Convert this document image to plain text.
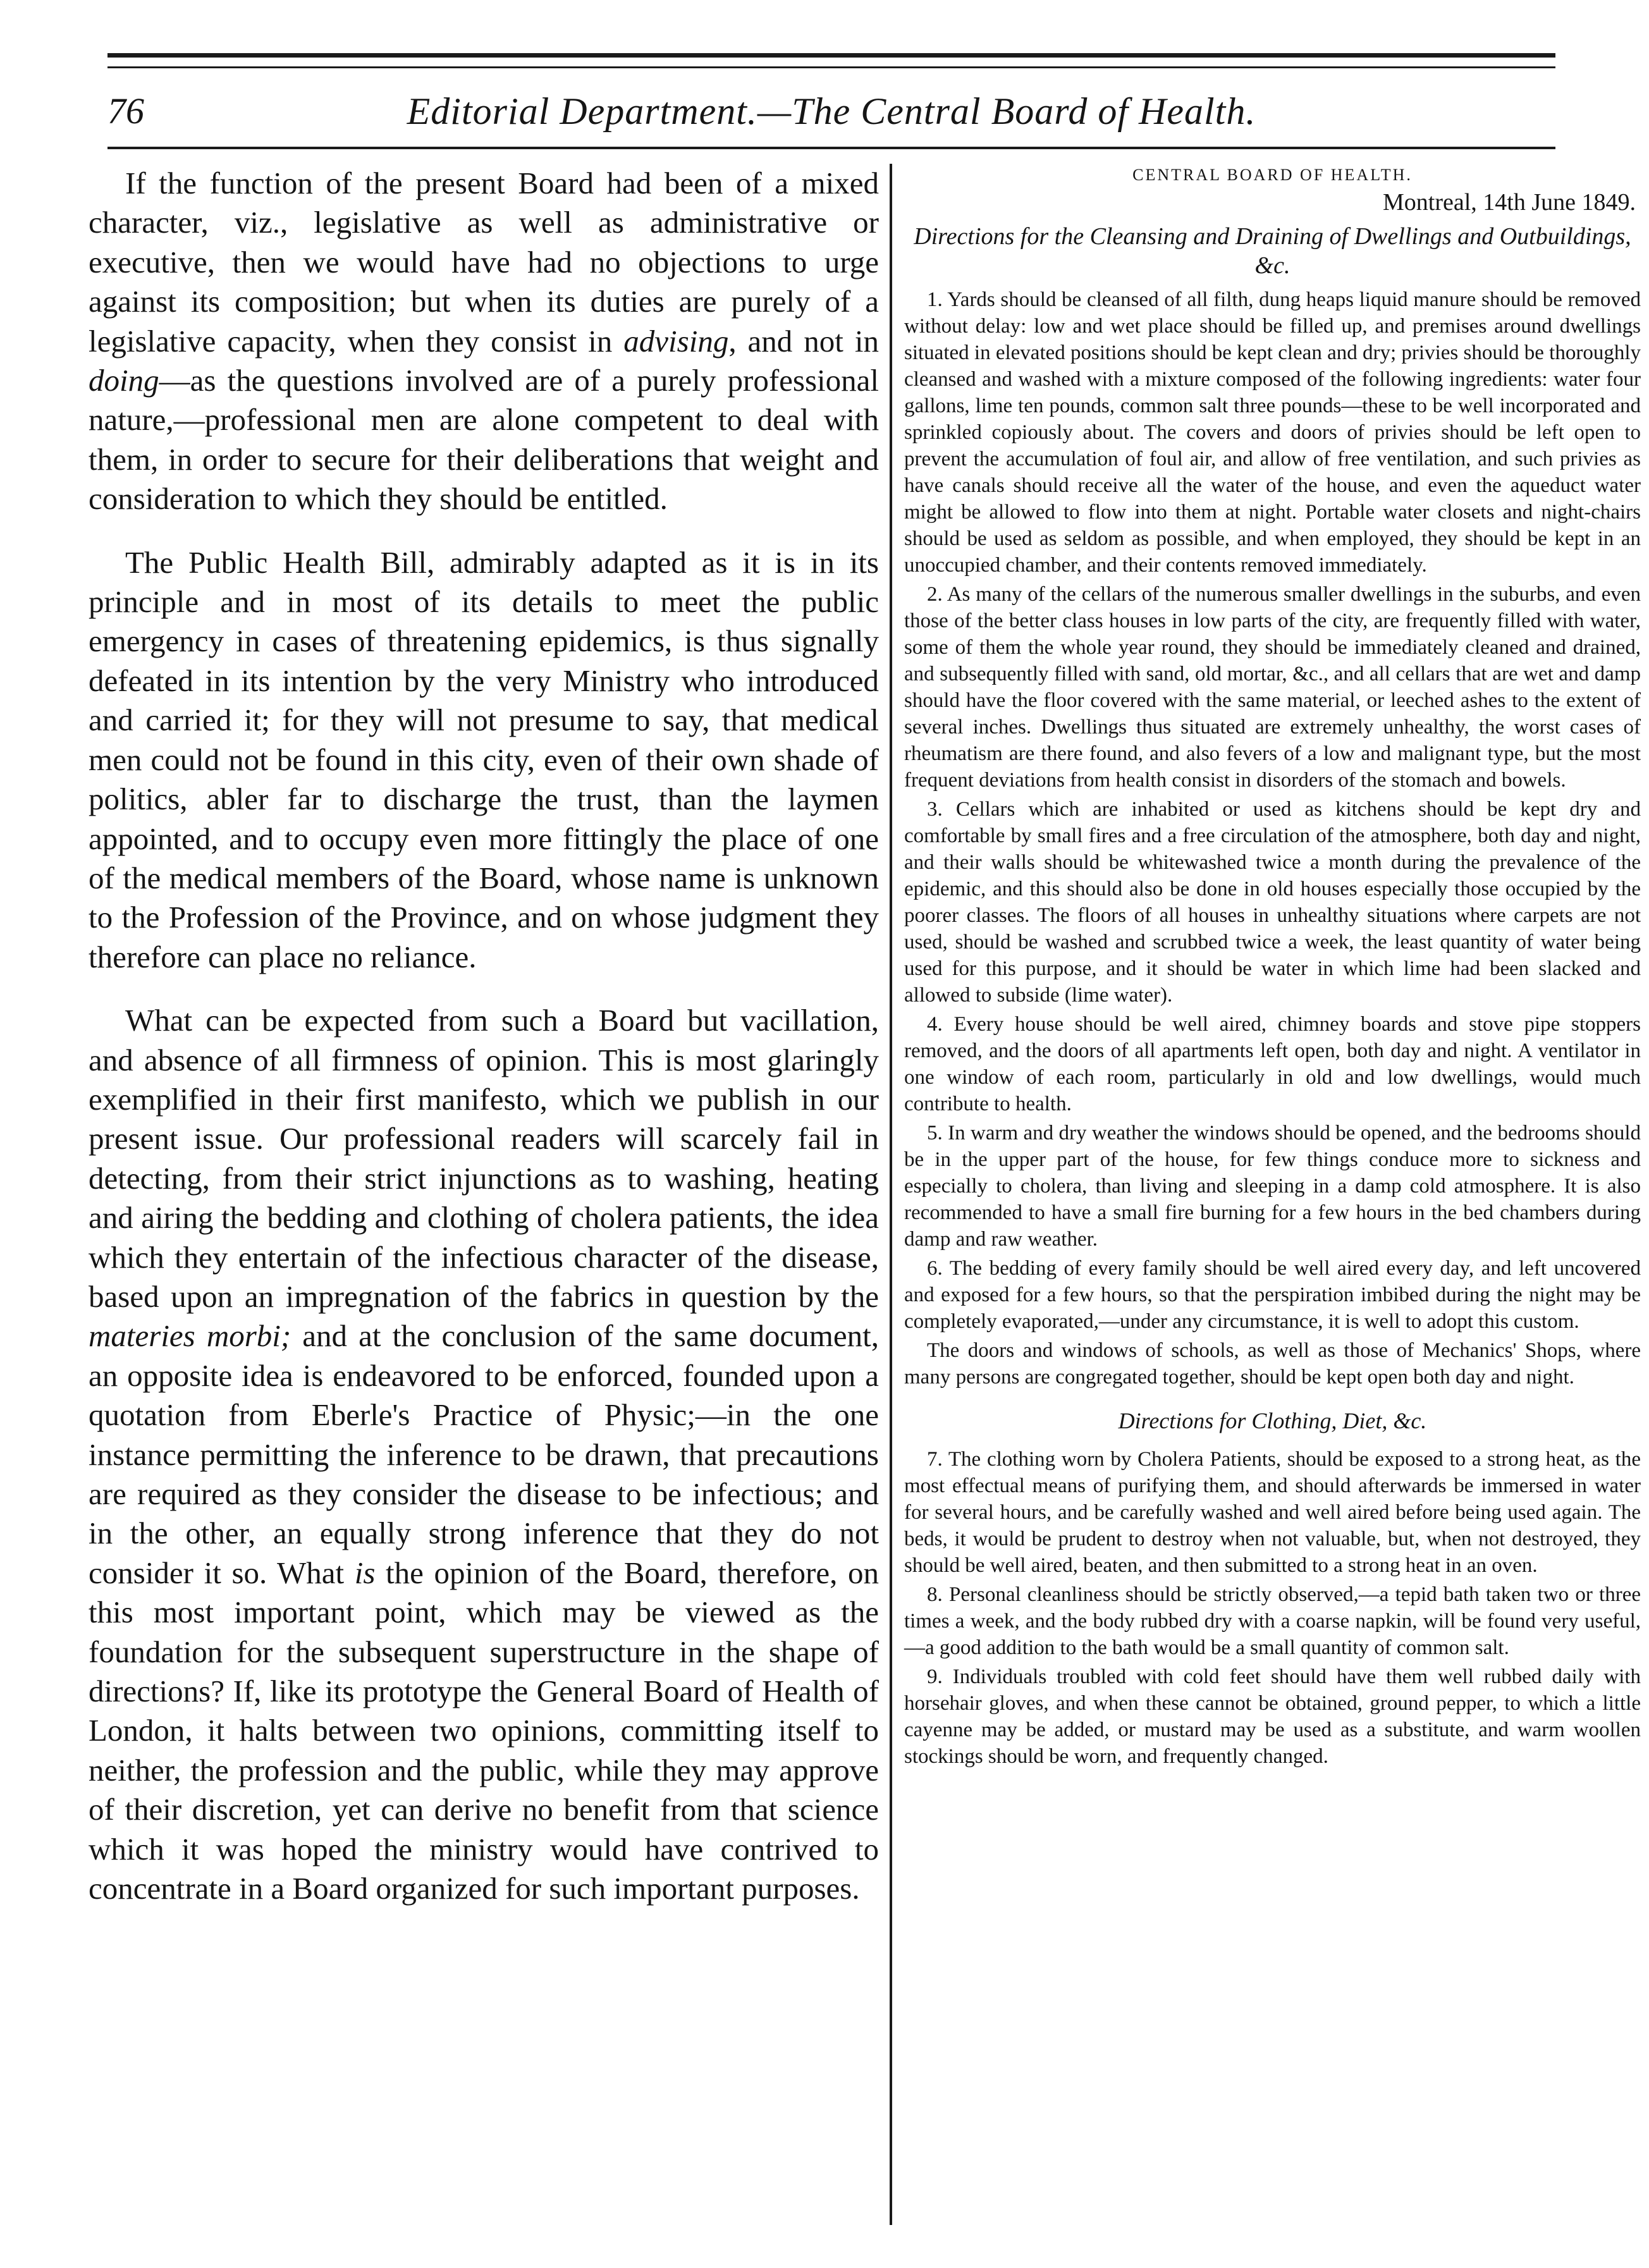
76	Editorial Department.—The Central Board of Health.

If the function of the present Board had been of a mixed character, viz., legislative as well as administrative or executive, then we would have had no objections to urge against its composition; but when its duties are purely of a legislative capacity, when they consist in advising, and not in doing—as the questions involved are of a purely professional nature,—professional men are alone competent to deal with them, in order to secure for their deliberations that weight and consideration to which they should be entitled.

The Public Health Bill, admirably adapted as it is in its principle and in most of its details to meet the public emergency in cases of threatening epidemics, is thus signally defeated in its intention by the very Ministry who introduced and carried it; for they will not presume to say, that medical men could not be found in this city, even of their own shade of politics, abler far to discharge the trust, than the laymen appointed, and to occupy even more fittingly the place of one of the medical members of the Board, whose name is unknown to the Profession of the Province, and on whose judgment they therefore can place no reliance.

What can be expected from such a Board but vacillation, and absence of all firmness of opinion. This is most glaringly exemplified in their first manifesto, which we publish in our present issue. Our professional readers will scarcely fail in detecting, from their strict injunctions as to washing, heating and airing the bedding and clothing of cholera patients, the idea which they entertain of the infectious character of the disease, based upon an impregnation of the fabrics in question by the materies morbi; and at the conclusion of the same document, an opposite idea is endeavored to be enforced, founded upon a quotation from Eberle's Practice of Physic;—in the one instance permitting the inference to be drawn, that precautions are required as they consider the disease to be infectious; and in the other, an equally strong inference that they do not consider it so. What is the opinion of the Board, therefore, on this most important point, which may be viewed as the foundation for the subsequent superstructure in the shape of directions? If, like its prototype the General Board of Health of London, it halts between two opinions, committing itself to neither, the profession and the public, while they may approve of their discretion, yet can derive no benefit from that science which it was hoped the ministry would have contrived to concentrate in a Board organized for such important purposes.

CENTRAL BOARD OF HEALTH.

Montreal, 14th June 1849.

Directions for the Cleansing and Draining of Dwellings and Outbuildings, &c.

1. Yards should be cleansed of all filth, dung heaps liquid manure should be removed without delay: low and wet place should be filled up, and premises around dwellings situated in elevated positions should be kept clean and dry; privies should be thoroughly cleansed and washed with a mixture composed of the following ingredients: water four gallons, lime ten pounds, common salt three pounds—these to be well incorporated and sprinkled copiously about. The covers and doors of privies should be left open to prevent the accumulation of foul air, and allow of free ventilation, and such privies as have canals should receive all the water of the house, and even the aqueduct water might be allowed to flow into them at night. Portable water closets and night-chairs should be used as seldom as possible, and when employed, they should be kept in an unoccupied chamber, and their contents removed immediately.

2. As many of the cellars of the numerous smaller dwellings in the suburbs, and even those of the better class houses in low parts of the city, are frequently filled with water, some of them the whole year round, they should be immediately cleaned and drained, and subsequently filled with sand, old mortar, &c., and all cellars that are wet and damp should have the floor covered with the same material, or leeched ashes to the extent of several inches. Dwellings thus situated are extremely unhealthy, the worst cases of rheumatism are there found, and also fevers of a low and malignant type, but the most frequent deviations from health consist in disorders of the stomach and bowels.

3. Cellars which are inhabited or used as kitchens should be kept dry and comfortable by small fires and a free circulation of the atmosphere, both day and night, and their walls should be whitewashed twice a month during the prevalence of the epidemic, and this should also be done in old houses especially those occupied by the poorer classes. The floors of all houses in unhealthy situations where carpets are not used, should be washed and scrubbed twice a week, the least quantity of water being used for this purpose, and it should be water in which lime had been slacked and allowed to subside (lime water).

4. Every house should be well aired, chimney boards and stove pipe stoppers removed, and the doors of all apartments left open, both day and night. A ventilator in one window of each room, particularly in old and low dwellings, would much contribute to health.

5. In warm and dry weather the windows should be opened, and the bedrooms should be in the upper part of the house, for few things conduce more to sickness and especially to cholera, than living and sleeping in a damp cold atmosphere. It is also recommended to have a small fire burning for a few hours in the bed chambers during damp and raw weather.

6. The bedding of every family should be well aired every day, and left uncovered and exposed for a few hours, so that the perspiration imbibed during the night may be completely evaporated,—under any circumstance, it is well to adopt this custom.

The doors and windows of schools, as well as those of Mechanics' Shops, where many persons are congregated together, should be kept open both day and night.

Directions for Clothing, Diet, &c.

7. The clothing worn by Cholera Patients, should be exposed to a strong heat, as the most effectual means of purifying them, and should afterwards be immersed in water for several hours, and be carefully washed and well aired before being used again. The beds, it would be prudent to destroy when not valuable, but, when not destroyed, they should be well aired, beaten, and then submitted to a strong heat in an oven.

8. Personal cleanliness should be strictly observed,—a tepid bath taken two or three times a week, and the body rubbed dry with a coarse napkin, will be found very useful,—a good addition to the bath would be a small quantity of common salt.

9. Individuals troubled with cold feet should have them well rubbed daily with horsehair gloves, and when these cannot be obtained, ground pepper, to which a little cayenne may be added, or mustard may be used as a substitute, and warm woollen stockings should be worn, and frequently changed.
